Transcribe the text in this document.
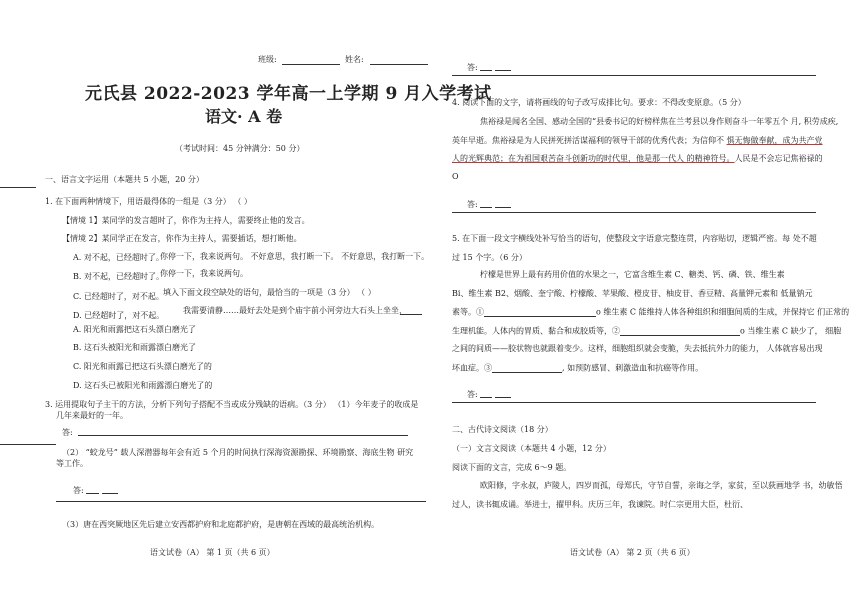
班级:	姓名:
元氏县 2022-2023 学年高一上学期 9 月入学考试
语文· A 卷
（考试时间：45 分钟满分：50 分）
一、语言文字运用（本题共 5 小题，20 分）
1. 在下面两种情境下，用语最得体的一组是（3 分） （ ）
【情境 1】某同学的发言超时了，你作为主持人，需要终止他的发言。
【情境 2】某同学正在发言，你作为主持人，需要插话，想打断他。
A. 对不起，已经超时了。
你停一下，我来说两句。 不好意思，我打断一下。 不好意思，我打断一下。
B. 对不起，已经超时了。
你停一下，我来说两句。
C. 已经超时了，对不起。 填入下面文段空缺处的语句，最恰当的一项是（3 分） （ ）
D. 已经超时了，对不起。
我需要清静……最好去处是到个庙宇前小河旁边大石头上坐坐，
A. 阳光和雨露把这石头漂白磨光了
B. 这石头被阳光和雨露漂白磨光了
C. 阳光和雨露已把这石头漂白磨光了的
D. 这石头已被阳光和雨露漂白磨光了的
3. 运用提取句子主干的方法，分析下列句子搭配不当或成分残缺的语病。（3 分） （1）今年麦子的收成是
几年来最好的一年。
答:
（2） “蛟龙号” 载人深潜器每年会有近 5 个月的时间执行深海资源勘探、环境勘察、海底生物 研究
等工作。
答:
（3）唐在西突厥地区先后建立安西都护府和北庭都护府，是唐朝在西域的最高统治机构。
语文试卷（A） 第 1 页（共 6 页）
答:
4. 阅读下面的文字，请将画线的句子改写成排比句。要求：不得改变原意。（5 分）
焦裕禄是闻名全国、感动全国的“县委书记的好榜样焦在兰考县以身作则奋斗一年零五个 月, 积劳成疾,
英年早逝。焦裕禄是为人民拼死拼活谋福利的领导干部的优秀代表；为信仰不 惧无悔做奉献，成为共产党
人的光辉典范；在为祖国艰苦奋斗创新功的时代里，他是那一代人 的精神符号。人民是不会忘记焦裕禄的
O
答:
5. 在下面一段文字横线处补写恰当的语句，使整段文字语意完整连贯，内容贴切，逻辑严密。每 处不超
过 15 个字。（6 分）
柠檬是世界上最有药用价值的水果之一，它富含维生素 C、糖类、钙、磷、铁、维生素
Bi、维生素 B2、烟酸、奎宁酸、柠檬酸、苹果酸、橙皮苷、柚皮苷、香豆精、高量钾元素和 低量钠元
素等。①	o 维生素 C 能维持人体各种组织和细胞间质的生成，并保持它 们正常的
生理机能。人体内的胃质、黏合和成胶质等，②	o 当维生素 C 缺少了， 细胞
之间的间质——胶状物也就跟着变少。这样，细胞组织就会变脆，失去抵抗外力的能力， 人体就容易出现
坏血症。③	, 如预防感冒、刺激造血和抗癌等作用。
答:
二、古代诗文阅读（18 分）
（一）文言文阅读（本题共 4 小题，12 分）
阅读下面的文言，完成 6～9 题。
欧阳修，字永叔，庐陵人，四岁而孤，母郑氏，守节自誓，亲诲之学，家贫，至以荻画地学 书，幼敏悟
过人，读书辄成诵。举进士，擢甲科。庆历三年，我谏院。时仁宗更用大臣，杜衍、
语文试卷（A） 第 2 页（共 6 页）
